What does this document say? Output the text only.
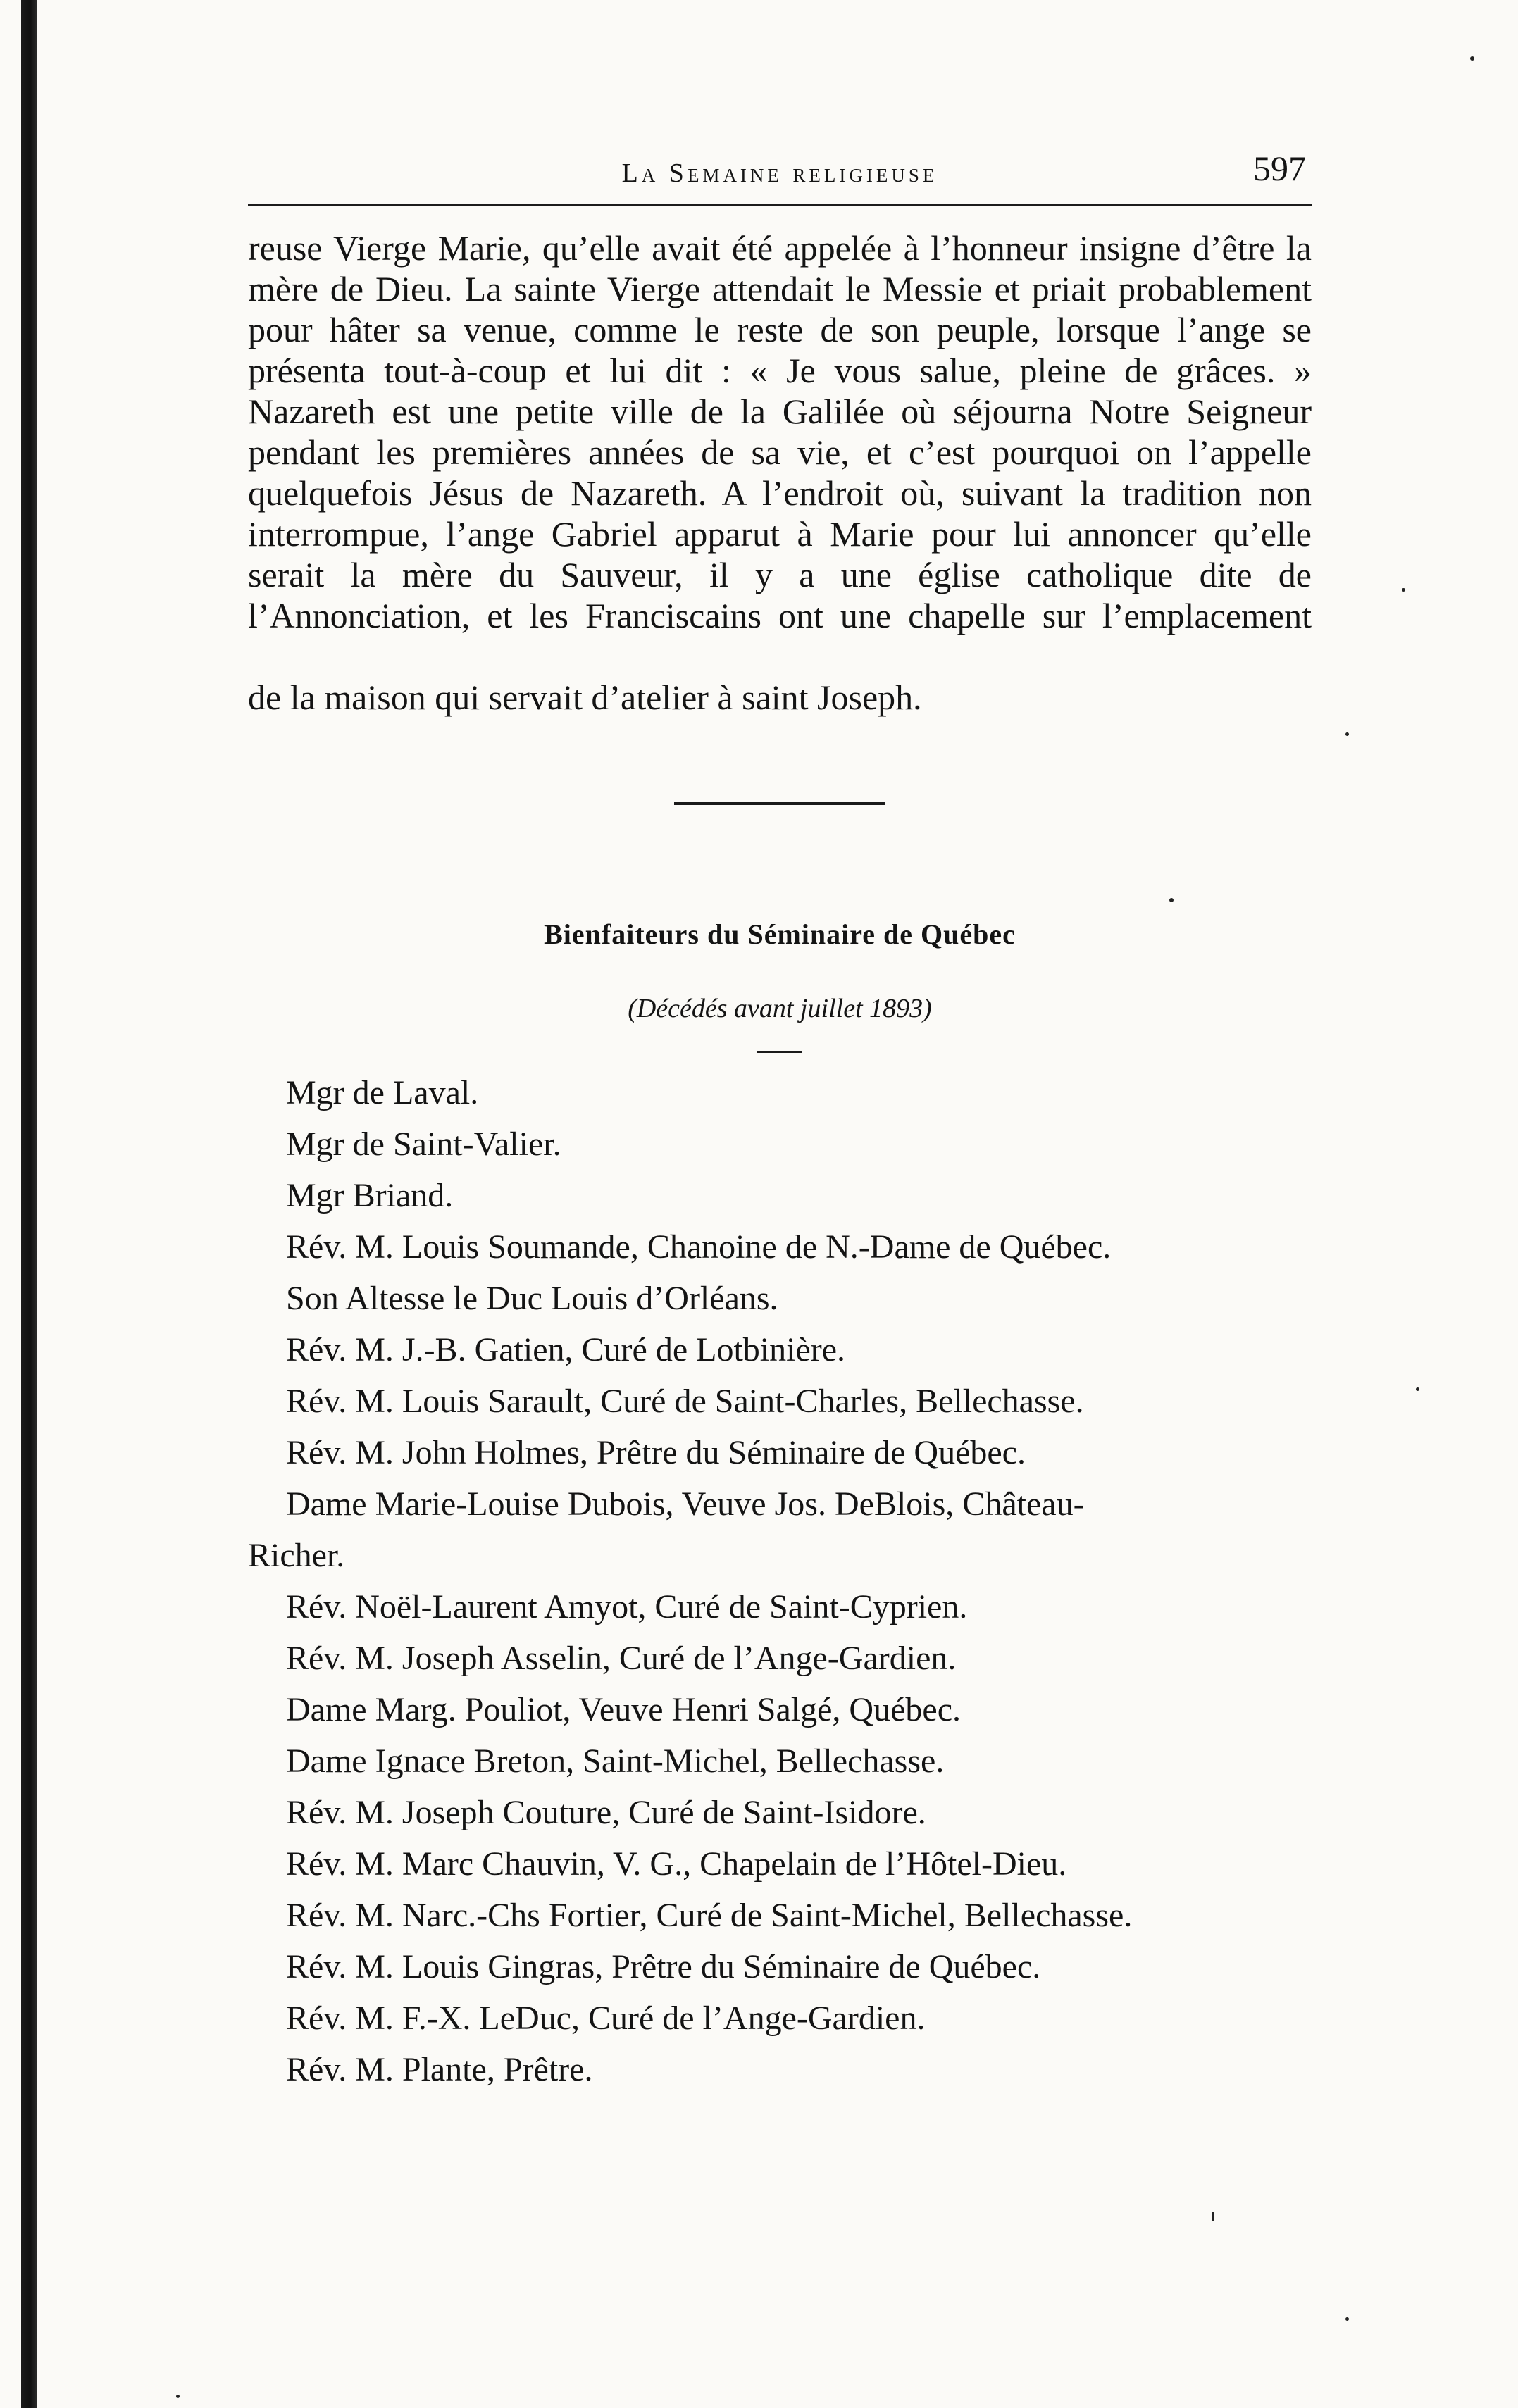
La Semaine religieuse	597

reuse Vierge Marie, qu’elle avait été appelée à l’honneur insigne d’être la mère de Dieu. La sainte Vierge attendait le Messie et priait probablement pour hâter sa venue, comme le reste de son peuple, lorsque l’ange se présenta tout-à-coup et lui dit : « Je vous salue, pleine de grâces. » Nazareth est une petite ville de la Galilée où séjourna Notre Seigneur pendant les premières années de sa vie, et c’est pourquoi on l’appelle quelquefois Jésus de Nazareth. A l’endroit où, suivant la tradition non interrompue, l’ange Gabriel apparut à Marie pour lui annoncer qu’elle serait la mère du Sauveur, il y a une église catholique dite de l’Annonciation, et les Franciscains ont une chapelle sur l’emplacement

de la maison qui servait d’atelier à saint Joseph.

Bienfaiteurs du Séminaire de Québec
(Décédés avant juillet 1893)
Mgr de Laval.
Mgr de Saint-Valier.
Mgr Briand.
Rév. M. Louis Soumande, Chanoine de N.-Dame de Québec.
Son Altesse le Duc Louis d’Orléans.
Rév. M. J.-B. Gatien, Curé de Lotbinière.
Rév. M. Louis Sarault, Curé de Saint-Charles, Bellechasse.
Rév. M. John Holmes, Prêtre du Séminaire de Québec.
Dame Marie-Louise Dubois, Veuve Jos. DeBlois, Château-
Richer.
Rév. Noël-Laurent Amyot, Curé de Saint-Cyprien.
Rév. M. Joseph Asselin, Curé de l’Ange-Gardien.
Dame Marg. Pouliot, Veuve Henri Salgé, Québec.
Dame Ignace Breton, Saint-Michel, Bellechasse.
Rév. M. Joseph Couture, Curé de Saint-Isidore.
Rév. M. Marc Chauvin, V. G., Chapelain de l’Hôtel-Dieu.
Rév. M. Narc.-Chs Fortier, Curé de Saint-Michel, Bellechasse.
Rév. M. Louis Gingras, Prêtre du Séminaire de Québec.
Rév. M. F.-X. LeDuc, Curé de l’Ange-Gardien.
Rév. M. Plante, Prêtre.
